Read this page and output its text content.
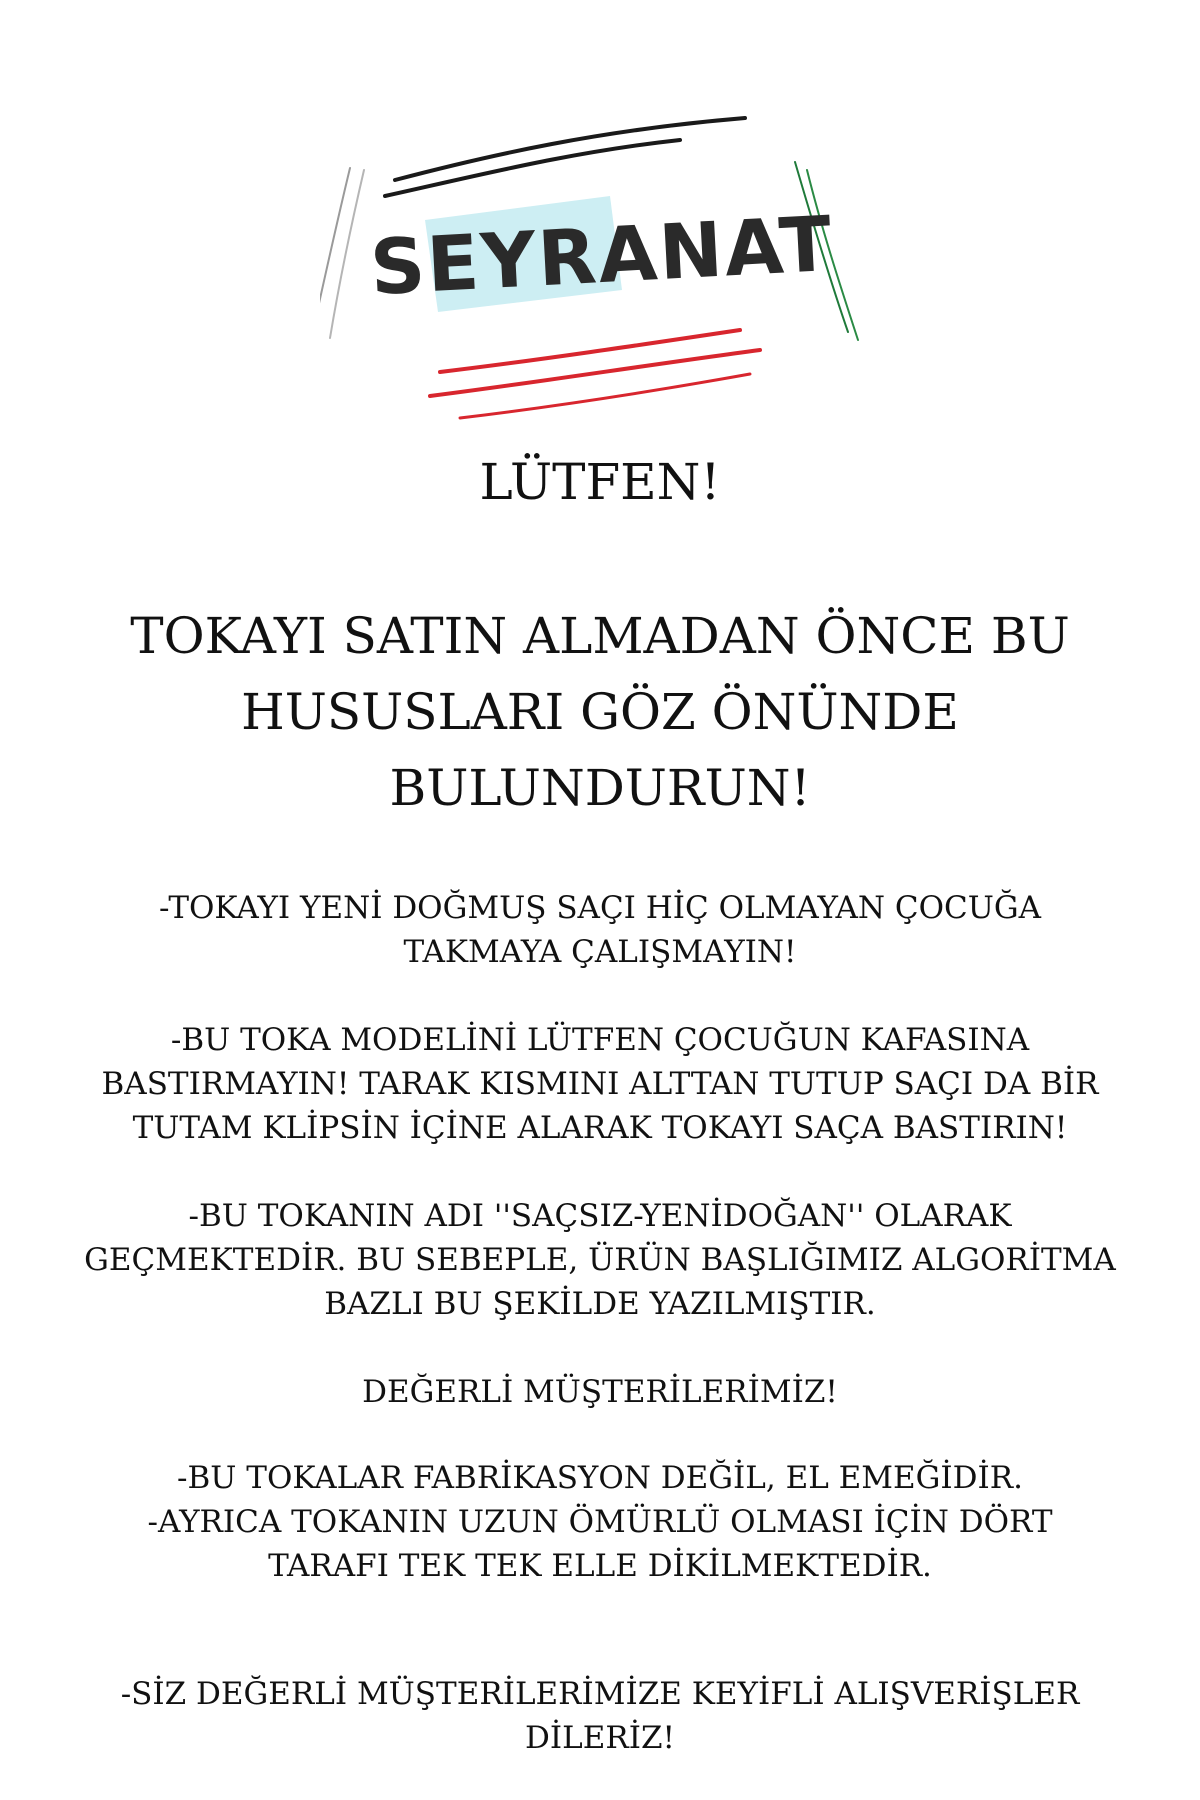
SEYRANAT
LÜTFEN!
TOKAYI SATIN ALMADAN ÖNCE BU
HUSUSLARI GÖZ ÖNÜNDE
BULUNDURUN!

-TOKAYI YENİ DOĞMUŞ SAÇI HİÇ OLMAYAN ÇOCUĞA
TAKMAYA ÇALIŞMAYIN!

-BU TOKA MODELİNİ LÜTFEN ÇOCUĞUN KAFASINA
BASTIRMAYIN! TARAK KISMINI ALTTAN TUTUP SAÇI DA BİR
TUTAM KLİPSİN İÇİNE ALARAK TOKAYI SAÇA BASTIRIN!

-BU TOKANIN ADI ''SAÇSIZ-YENİDOĞAN'' OLARAK
GEÇMEKTEDİR. BU SEBEPLE, ÜRÜN BAŞLIĞIMIZ ALGORİTMA
BAZLI BU ŞEKİLDE YAZILMIŞTIR.

DEĞERLİ MÜŞTERİLERİMİZ!

-BU TOKALAR FABRİKASYON DEĞİL, EL EMEĞİDİR.
-AYRICA TOKANIN UZUN ÖMÜRLÜ OLMASI İÇİN DÖRT
TARAFI TEK TEK ELLE DİKİLMEKTEDİR.

-SİZ DEĞERLİ MÜŞTERİLERİMİZE KEYİFLİ ALIŞVERİŞLER
DİLERİZ!
